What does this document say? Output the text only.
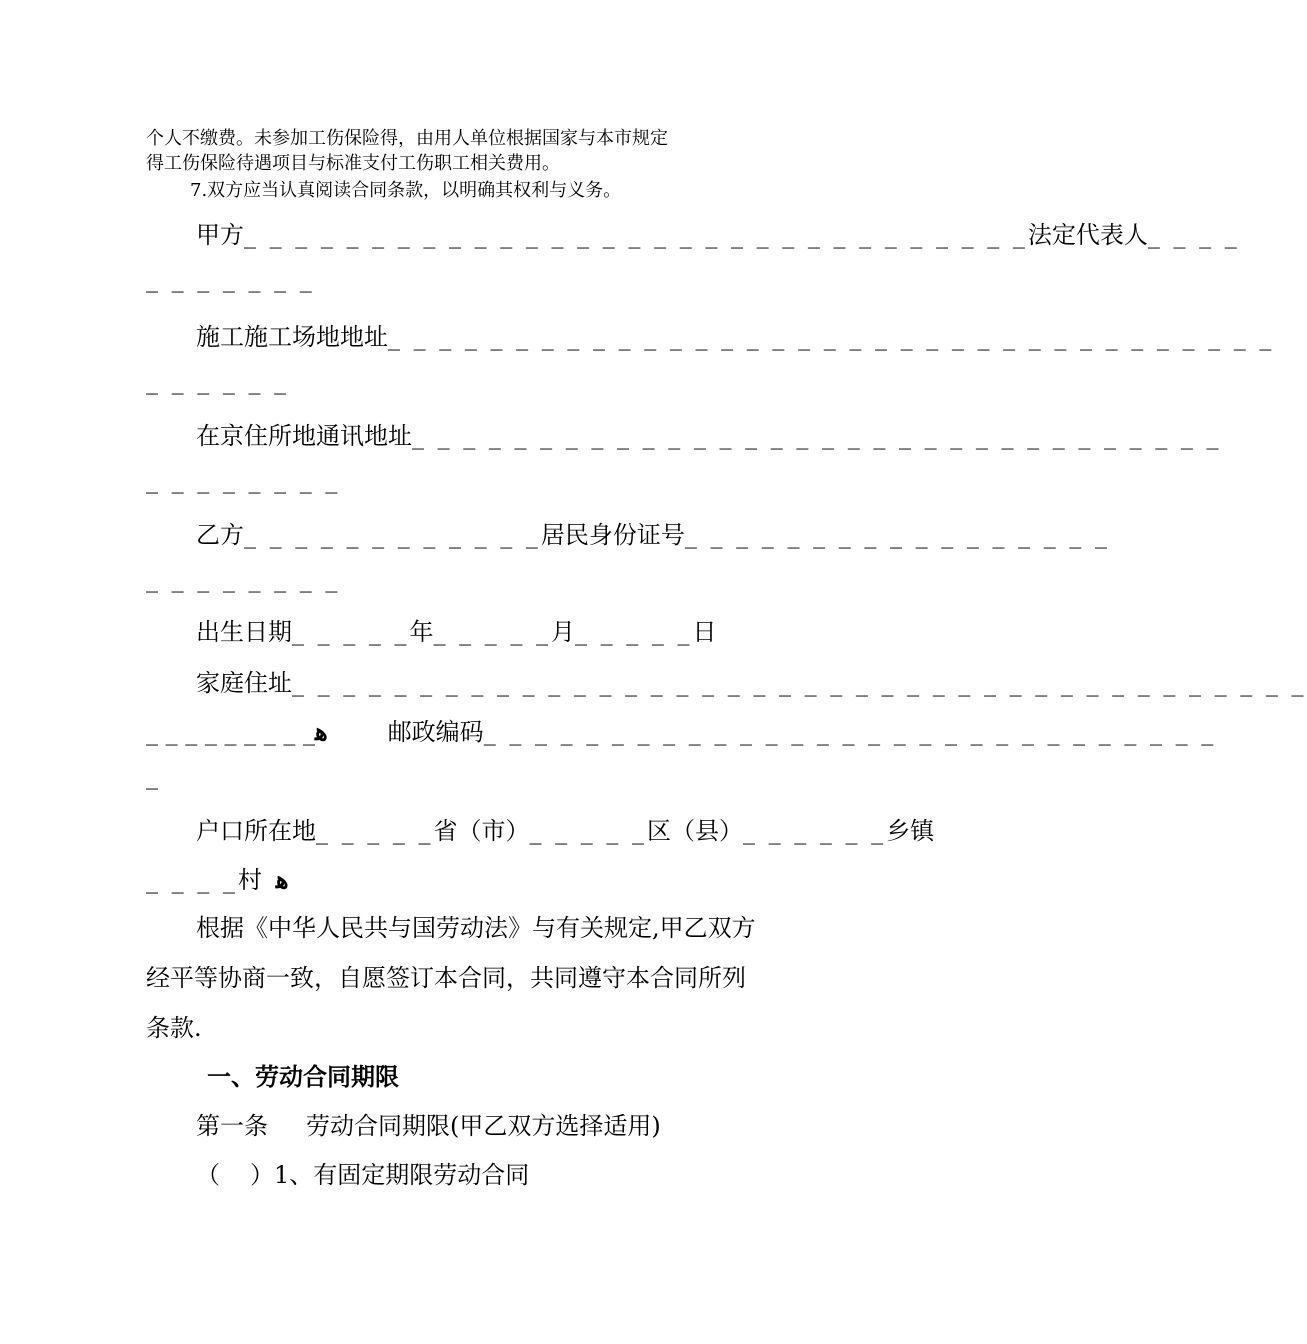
个人不缴费。未参加工伤保险得，由用人单位根据国家与本市规定
得工伤保险待遇项目与标准支付工伤职工相关费用。
7.双方应当认真阅读合同条款，以明确其权利与义务。
甲方_ _ _ _ _ _ _ _ _ _ _ _ _ _ _ _ _ _ _ _ _ _ _ _ _ _ _ _ _ _ _法定代表人_ _ _ _
_ _ _ _ _ _ _
施工施工场地地址_ _ _ _ _ _ _ _ _ _ _ _ _ _ _ _ _ _ _ _ _ _ _ _ _ _ _ _ _ _ _ _ _ _ _
_ _ _ _ _ _
在京住所地通讯地址_ _ _ _ _ _ _ _ _ _ _ _ _ _ _ _ _ _ _ _ _ _ _ _ _ _ _ _ _ _ _ _
_ _ _ _ _ _ _ _
乙方_ _ _ _ _ _ _ _ _ _ _ _居民身份证号_ _ _ _ _ _ _ _ _ _ _ _ _ _ _ _ _
_ _ _ _ _ _ _ _
出生日期_ _ _ _ _年_ _ _ _ _月_ _ _ _ _日
家庭住址_ _ _ _ _ _ _ _ _ _ _ _ _ _ _ _ _ _ _ _ _ _ _ _ _ _ _ _ _ _ _ _ _ _ _ _ _ _ _ _
_ _ _ _ _ _ _ _ _ﻫ	邮政编码_ _ _ _ _ _ _ _ _ _ _ _ _ _ _ _ _ _ _ _ _ _ _ _ _ _ _ _ _
_
户口所在地_ _ _ _ _省（市）_ _ _ _ _区（县）_ _ _ _ _ _乡镇
_ _ _ _村 ﻫ
根据《中华人民共与国劳动法》与有关规定,甲乙双方
经平等协商一致，自愿签订本合同，共同遵守本合同所列
条款.
一、劳动合同期限
第一条 劳动合同期限(甲乙双方选择适用)
（ ）1、有固定期限劳动合同
